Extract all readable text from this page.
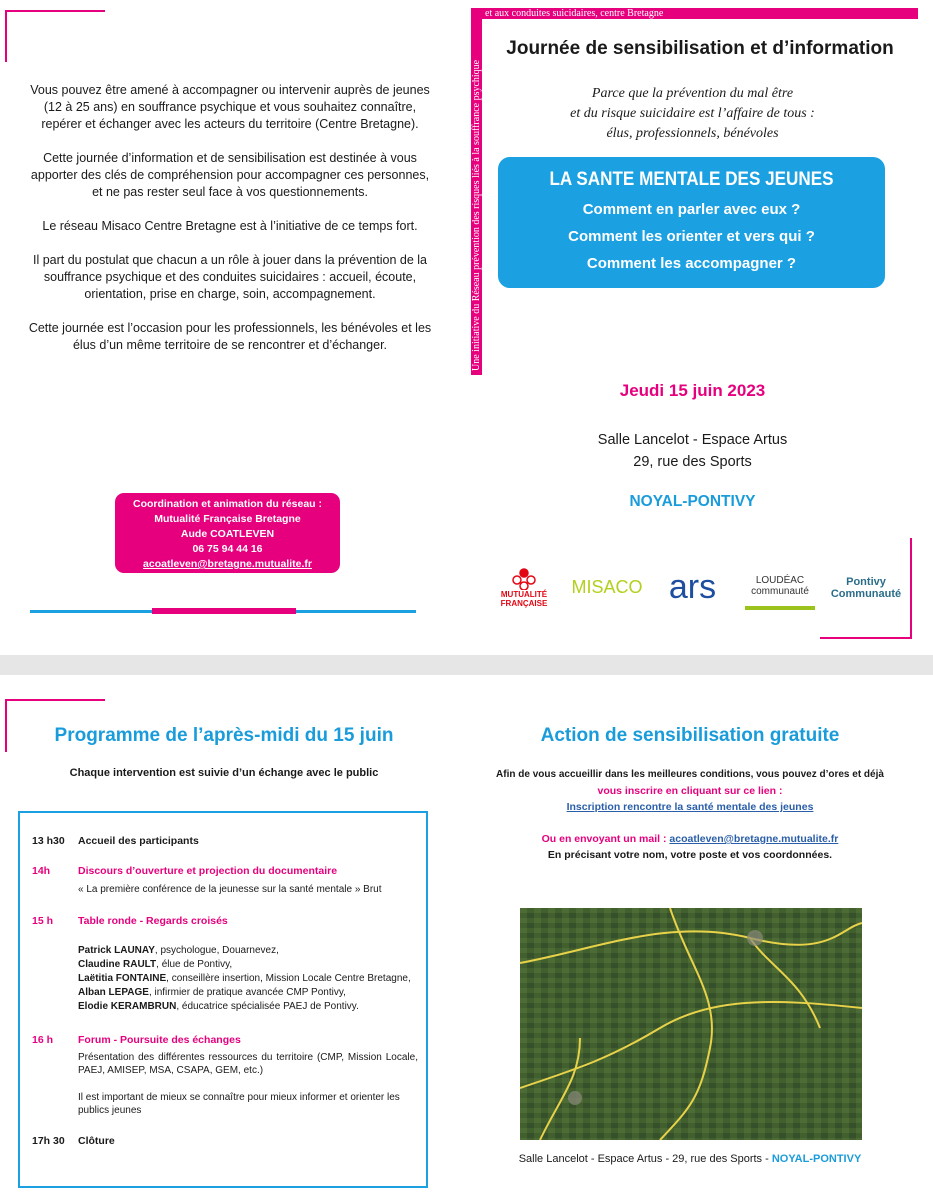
Vous pouvez être amené à accompagner ou intervenir auprès de jeunes (12 à 25 ans) en souffrance psychique et vous souhaitez connaître, repérer et échanger avec les acteurs du territoire (Centre Bretagne).

Cette journée d’information et de sensibilisation est destinée à vous apporter des clés de compréhension pour accompagner ces personnes, et ne pas rester seul face à vos questionnements.

Le réseau Misaco Centre Bretagne est à l’initiative de ce temps fort.

Il part du postulat que chacun a un rôle à jouer dans la prévention de la souffrance psychique et des conduites suicidaires : accueil, écoute, orientation, prise en charge, soin, accompagnement.

Cette journée est l’occasion pour les professionnels, les bénévoles et les élus d’un même territoire de se rencontrer et d’échanger.

Coordination et animation du réseau :
Mutualité Française Bretagne
Aude COATLEVEN
06 75 94 44 16
acoatleven@bretagne.mutualite.fr
Une initiative du Réseau prévention des risques liés à la souffrance psychique
et aux conduites suicidaires, centre Bretagne
Journée de sensibilisation et d’information
Parce que la prévention du mal être
et du risque suicidaire est l’affaire de tous :
élus, professionnels, bénévoles
LA SANTE MENTALE DES JEUNES
Comment en parler avec eux ?
Comment les orienter et vers qui ?
Comment les accompagner ?
Jeudi 15 juin 2023
Salle Lancelot - Espace Artus
29, rue des Sports
NOYAL-PONTIVY
MUTUALITÉ FRANÇAISE
MISACO ars	LOUDÉAC communauté
Pontivy Communauté
Programme de l’après-midi du 15 juin
Chaque intervention est suivie d’un échange avec le public
13 h30	Accueil des participants
14h	Discours d’ouverture et projection du documentaire
« La première conférence de la jeunesse sur la santé mentale » Brut
15 h	Table ronde - Regards croisés
Patrick LAUNAY, psychologue, Douarnevez,
Claudine RAULT, élue de Pontivy,
Laëtitia FONTAINE, conseillère insertion, Mission Locale Centre Bretagne,
Alban LEPAGE, infirmier de pratique avancée CMP Pontivy,
Elodie KERAMBRUN, éducatrice spécialisée PAEJ de Pontivy.
16 h	Forum - Poursuite des échanges
Présentation des différentes ressources du territoire (CMP, Mission Locale, PAEJ, AMISEP, MSA, CSAPA, GEM, etc.)
Il est important de mieux se connaître pour mieux informer et orienter les publics jeunes
17h 30	Clôture
Action de sensibilisation gratuite
Afin de vous accueillir dans les meilleures conditions, vous pouvez d’ores et déjà
vous inscrire en cliquant sur ce lien :
Inscription rencontre la santé mentale des jeunes
Ou en envoyant un mail : acoatleven@bretagne.mutualite.fr
En précisant votre nom, votre poste et vos coordonnées.
Salle Lancelot - Espace Artus - 29, rue des Sports - NOYAL-PONTIVY
